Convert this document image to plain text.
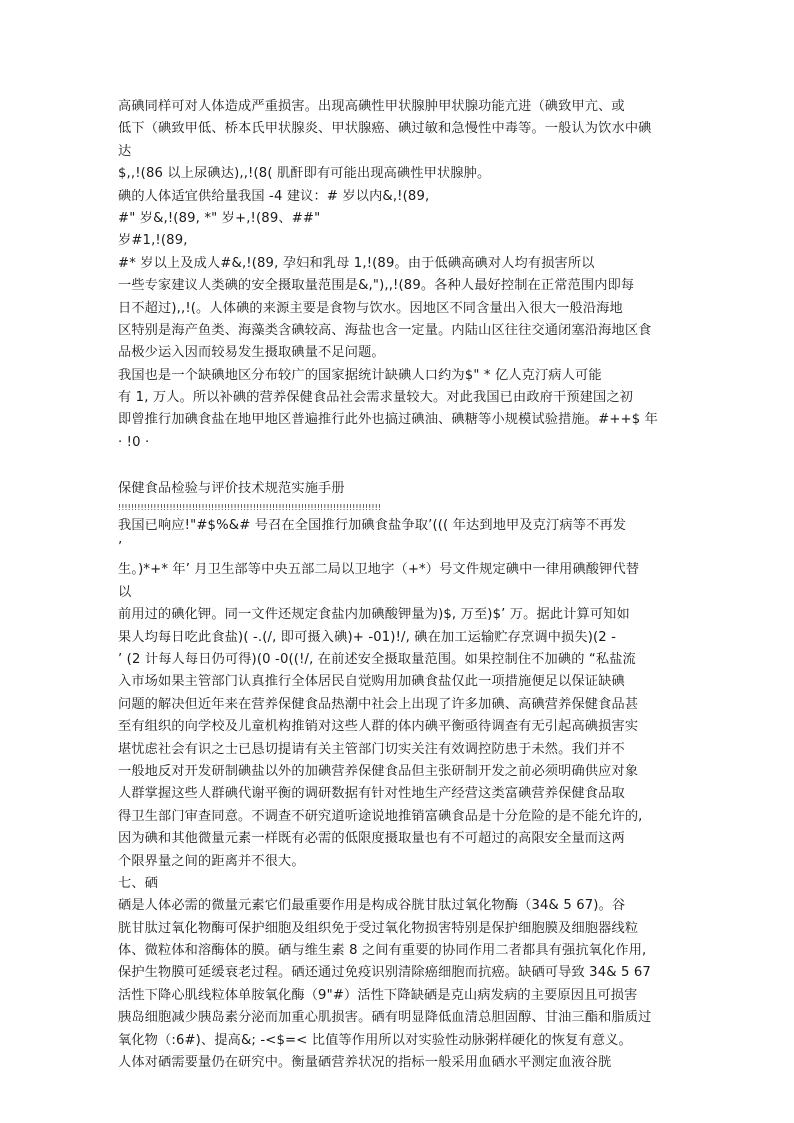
高碘同样可对人体造成严重损害。出现高碘性甲状腺肿甲状腺功能亢进（碘致甲亢、或
低下（碘致甲低、桥本氏甲状腺炎、甲状腺癌、碘过敏和急慢性中毒等。一般认为饮水中碘
达
$,,!(86 以上尿碘达),,!(8( 肌酐即有可能出现高碘性甲状腺肿。
碘的人体适宜供给量我国 -4 建议：# 岁以内&,!(89,
#" 岁&,!(89, *" 岁+,!(89、##"
岁#1,!(89,
#* 岁以上及成人#&,!(89, 孕妇和乳母 1,!(89。由于低碘高碘对人均有损害所以
一些专家建议人类碘的安全摄取量范围是&,"),,!(89。各种人最好控制在正常范围内即每
日不超过),,!(。人体碘的来源主要是食物与饮水。因地区不同含量出入很大一般沿海地
区特别是海产鱼类、海藻类含碘较高、海盐也含一定量。内陆山区往往交通闭塞沿海地区食
品极少运入因而较易发生摄取碘量不足问题。
我国也是一个缺碘地区分布较广的国家据统计缺碘人口约为$" * 亿人克汀病人可能
有 1, 万人。所以补碘的营养保健食品社会需求量较大。对此我国已由政府干预建国之初
即曾推行加碘食盐在地甲地区普遍推行此外也搞过碘油、碘糖等小规模试验措施。#++$ 年
· !0 ·
保健食品检验与评价技术规范实施手册
!!!!!!!!!!!!!!!!!!!!!!!!!!!!!!!!!!!!!!!!!!!!!!!!!!!!!!!!!!!!!!!!!!!!!!!!!!!!!!!!!!
我国已响应!"#$%&# 号召在全国推行加碘食盐争取’((( 年达到地甲及克汀病等不再发
’
生。)*+* 年’ 月卫生部等中央五部二局以卫地字（+*）号文件规定碘中一律用碘酸钾代替
以
前用过的碘化钾。同一文件还规定食盐内加碘酸钾量为)$, 万至)$’ 万。据此计算可知如
果人均每日吃此食盐)( -.(/, 即可摄入碘)+ -01)!/, 碘在加工运输贮存烹调中损失)(2 -
’ (2 计每人每日仍可得)(0 -0((!/, 在前述安全摄取量范围。如果控制住不加碘的 “私盐流
入市场如果主管部门认真推行全体居民自觉购用加碘食盐仅此一项措施便足以保证缺碘
问题的解决但近年来在营养保健食品热潮中社会上出现了许多加碘、高碘营养保健食品甚
至有组织的向学校及儿童机构推销对这些人群的体内碘平衡亟待调查有无引起高碘损害实
堪忧虑社会有识之士已恳切提请有关主管部门切实关注有效调控防患于未然。我们并不
一般地反对开发研制碘盐以外的加碘营养保健食品但主张研制开发之前必须明确供应对象
人群掌握这些人群碘代谢平衡的调研数据有针对性地生产经营这类富碘营养保健食品取
得卫生部门审查同意。不调查不研究道听途说地推销富碘食品是十分危险的是不能允许的,
因为碘和其他微量元素一样既有必需的低限度摄取量也有不可超过的高限安全量而这两
个限界量之间的距离并不很大。
七、硒
硒是人体必需的微量元素它们最重要作用是构成谷胱甘肽过氧化物酶（34& 5 67)。谷
胱甘肽过氧化物酶可保护细胞及组织免于受过氧化物损害特别是保护细胞膜及细胞器线粒
体、微粒体和溶酶体的膜。硒与维生素 8 之间有重要的协同作用二者都具有强抗氧化作用,
保护生物膜可延缓衰老过程。硒还通过免疫识别清除癌细胞而抗癌。缺硒可导致 34& 5 67
活性下降心肌线粒体单胺氧化酶（9"#）活性下降缺硒是克山病发病的主要原因且可损害
胰岛细胞减少胰岛素分泌而加重心肌损害。硒有明显降低血清总胆固醇、甘油三酯和脂质过
氧化物（:6#)、提高&; -<$=< 比值等作用所以对实验性动脉粥样硬化的恢复有意义。
人体对硒需要量仍在研究中。衡量硒营养状况的指标一般采用血硒水平测定血液谷胱
